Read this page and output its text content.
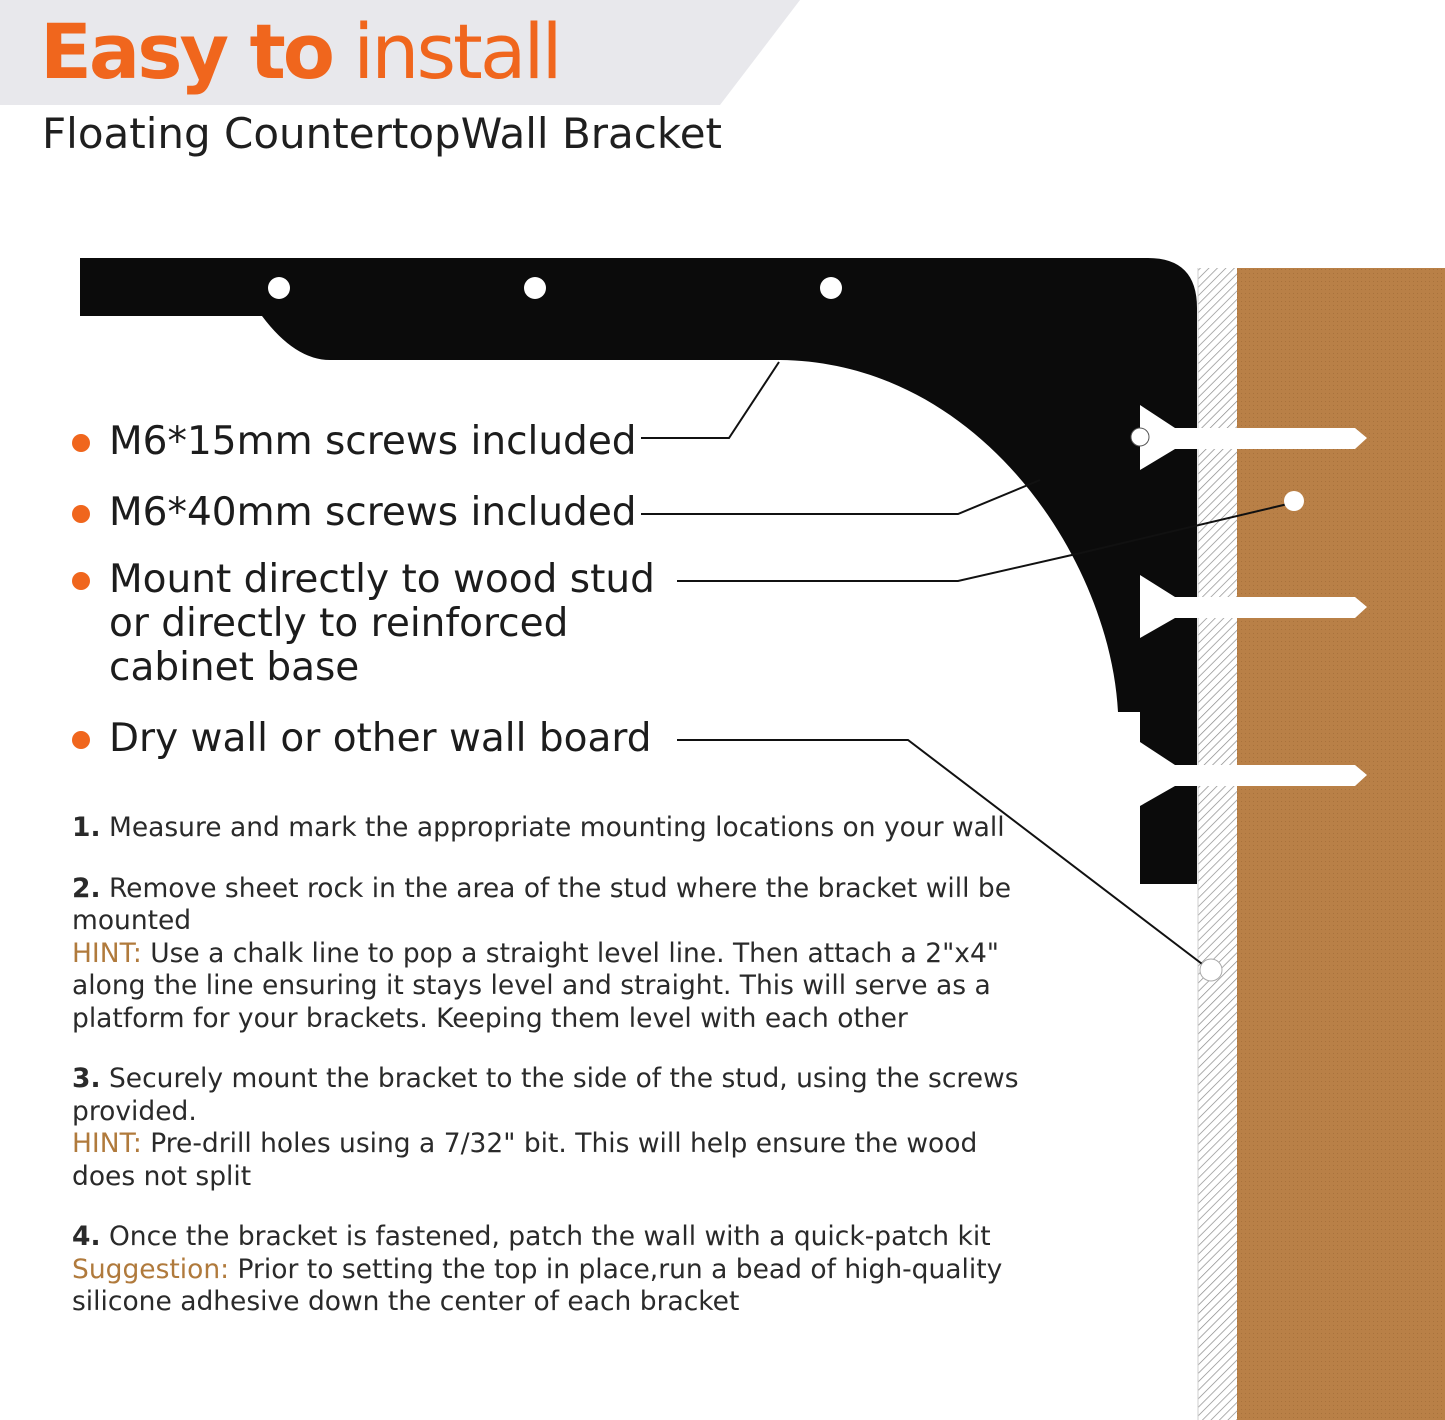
Easy to install
Floating CountertopWall Bracket
M6*15mm screws included
M6*40mm screws included
Mount directly to wood stud
or directly to reinforced
cabinet base
Dry wall or other wall board

1. Measure and mark the appropriate mounting locations on your wall

2. Remove sheet rock in the area of the stud where the bracket will be mounted

HINT: Use a chalk line to pop a straight level line. Then attach a 2"x4" along the line ensuring it stays level and straight. This will serve as a platform for your brackets. Keeping them level with each other

3. Securely mount the bracket to the side of the stud, using the screws provided.

HINT: Pre-drill holes using a 7/32" bit. This will help ensure the wood does not split

4. Once the bracket is fastened, patch the wall with a quick-patch kit

Suggestion: Prior to setting the top in place,run a bead of high-quality silicone adhesive down the center of each bracket
